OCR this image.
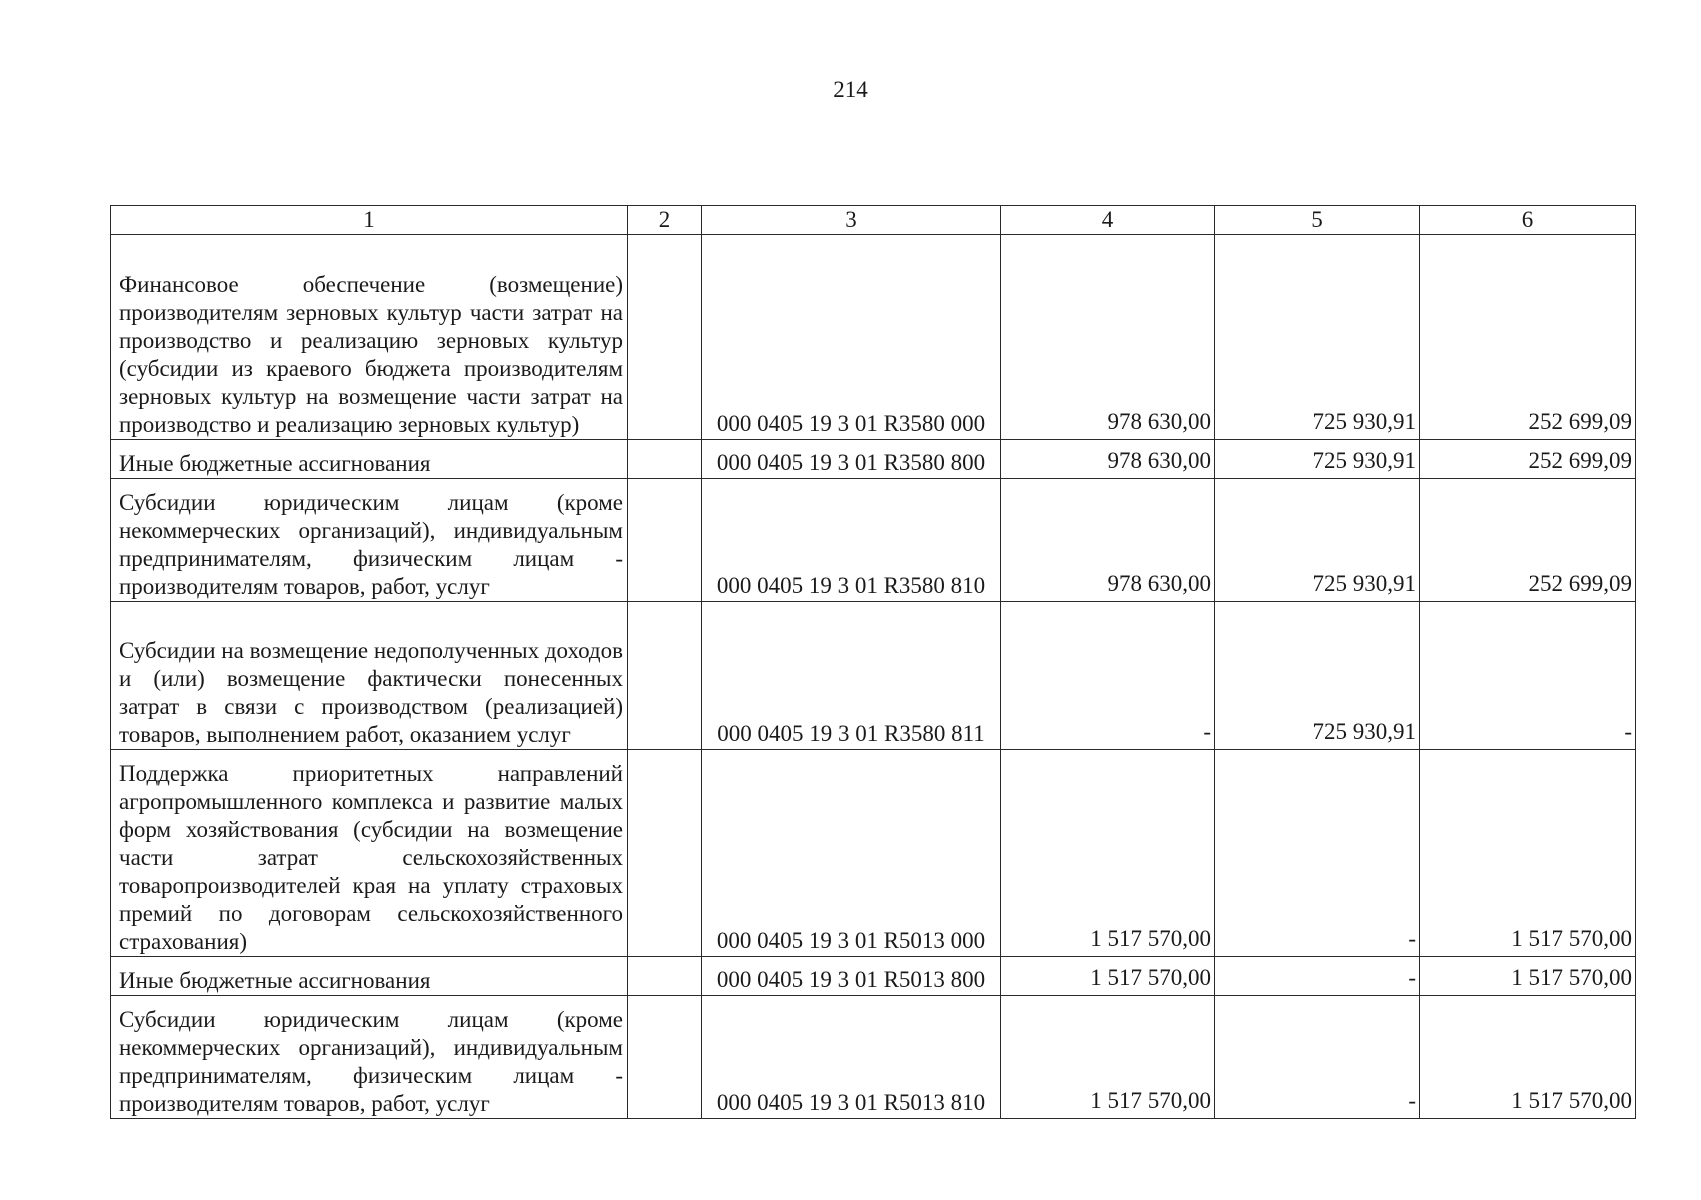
214
1	2	3	4	5	6
Финансовое обеспечение (возмещение) производителям зерновых культур части затрат на производство и реализацию зерновых культур (субсидии из краевого бюджета производителям зерновых культур на возмещение части затрат на производство и реализацию зерновых культур)		000 0405 19 3 01 R3580 000	978 630,00	725 930,91	252 699,09
Иные бюджетные ассигнования		000 0405 19 3 01 R3580 800	978 630,00	725 930,91	252 699,09
Субсидии юридическим лицам (кроме некоммерческих организаций), индивидуальным предпринимателям, физическим лицам - производителям товаров, работ, услуг		000 0405 19 3 01 R3580 810	978 630,00	725 930,91	252 699,09
Субсидии на возмещение недополученных доходов и (или) возмещение фактически понесенных затрат в связи с производством (реализацией) товаров, выполнением работ, оказанием услуг		000 0405 19 3 01 R3580 811	-	725 930,91	-
Поддержка приоритетных направлений агропромышленного комплекса и развитие малых форм хозяйствования (субсидии на возмещение части затрат сельскохозяйственных товаропроизводителей края на уплату страховых премий по договорам сельскохозяйственного страхования)		000 0405 19 3 01 R5013 000	1 517 570,00	-	1 517 570,00
Иные бюджетные ассигнования		000 0405 19 3 01 R5013 800	1 517 570,00	-	1 517 570,00
Субсидии юридическим лицам (кроме некоммерческих организаций), индивидуальным предпринимателям, физическим лицам - производителям товаров, работ, услуг		000 0405 19 3 01 R5013 810	1 517 570,00	-	1 517 570,00
